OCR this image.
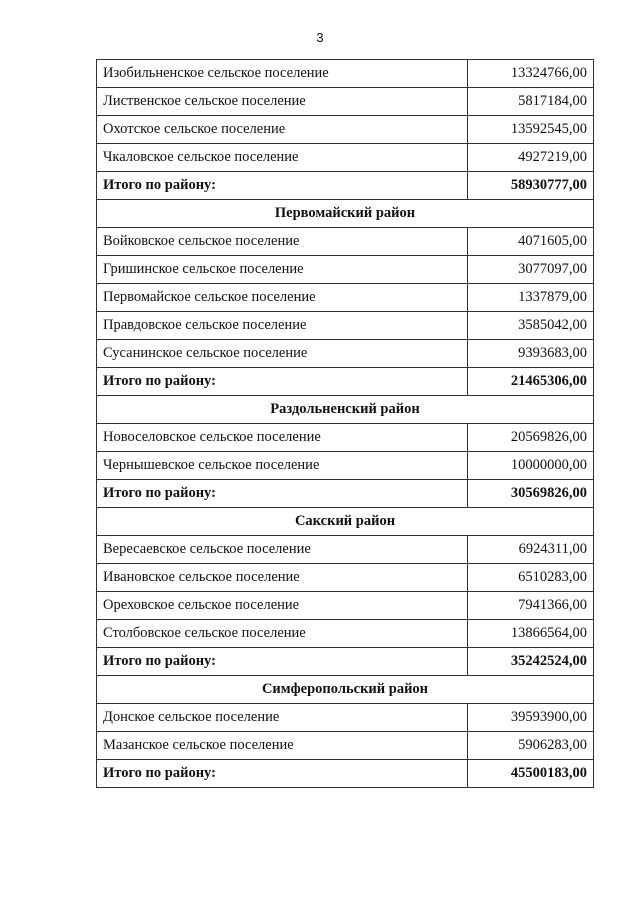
3
Изобильненское сельское поселение	13324766,00
Лиственское сельское поселение	5817184,00
Охотское сельское поселение	13592545,00
Чкаловское сельское поселение	4927219,00
Итого по району:	58930777,00
Первомайский район	
Войковское сельское поселение	4071605,00
Гришинское сельское поселение	3077097,00
Первомайское сельское поселение	1337879,00
Правдовское сельское поселение	3585042,00
Сусанинское сельское поселение	9393683,00
Итого по району:	21465306,00
Раздольненский район	
Новоселовское сельское поселение	20569826,00
Чернышевское сельское поселение	10000000,00
Итого по району:	30569826,00
Сакский район	
Вересаевское сельское поселение	6924311,00
Ивановское сельское поселение	6510283,00
Ореховское сельское поселение	7941366,00
Столбовское сельское поселение	13866564,00
Итого по району:	35242524,00
Симферопольский район	
Донское сельское поселение	39593900,00
Мазанское сельское поселение	5906283,00
Итого по району:	45500183,00
